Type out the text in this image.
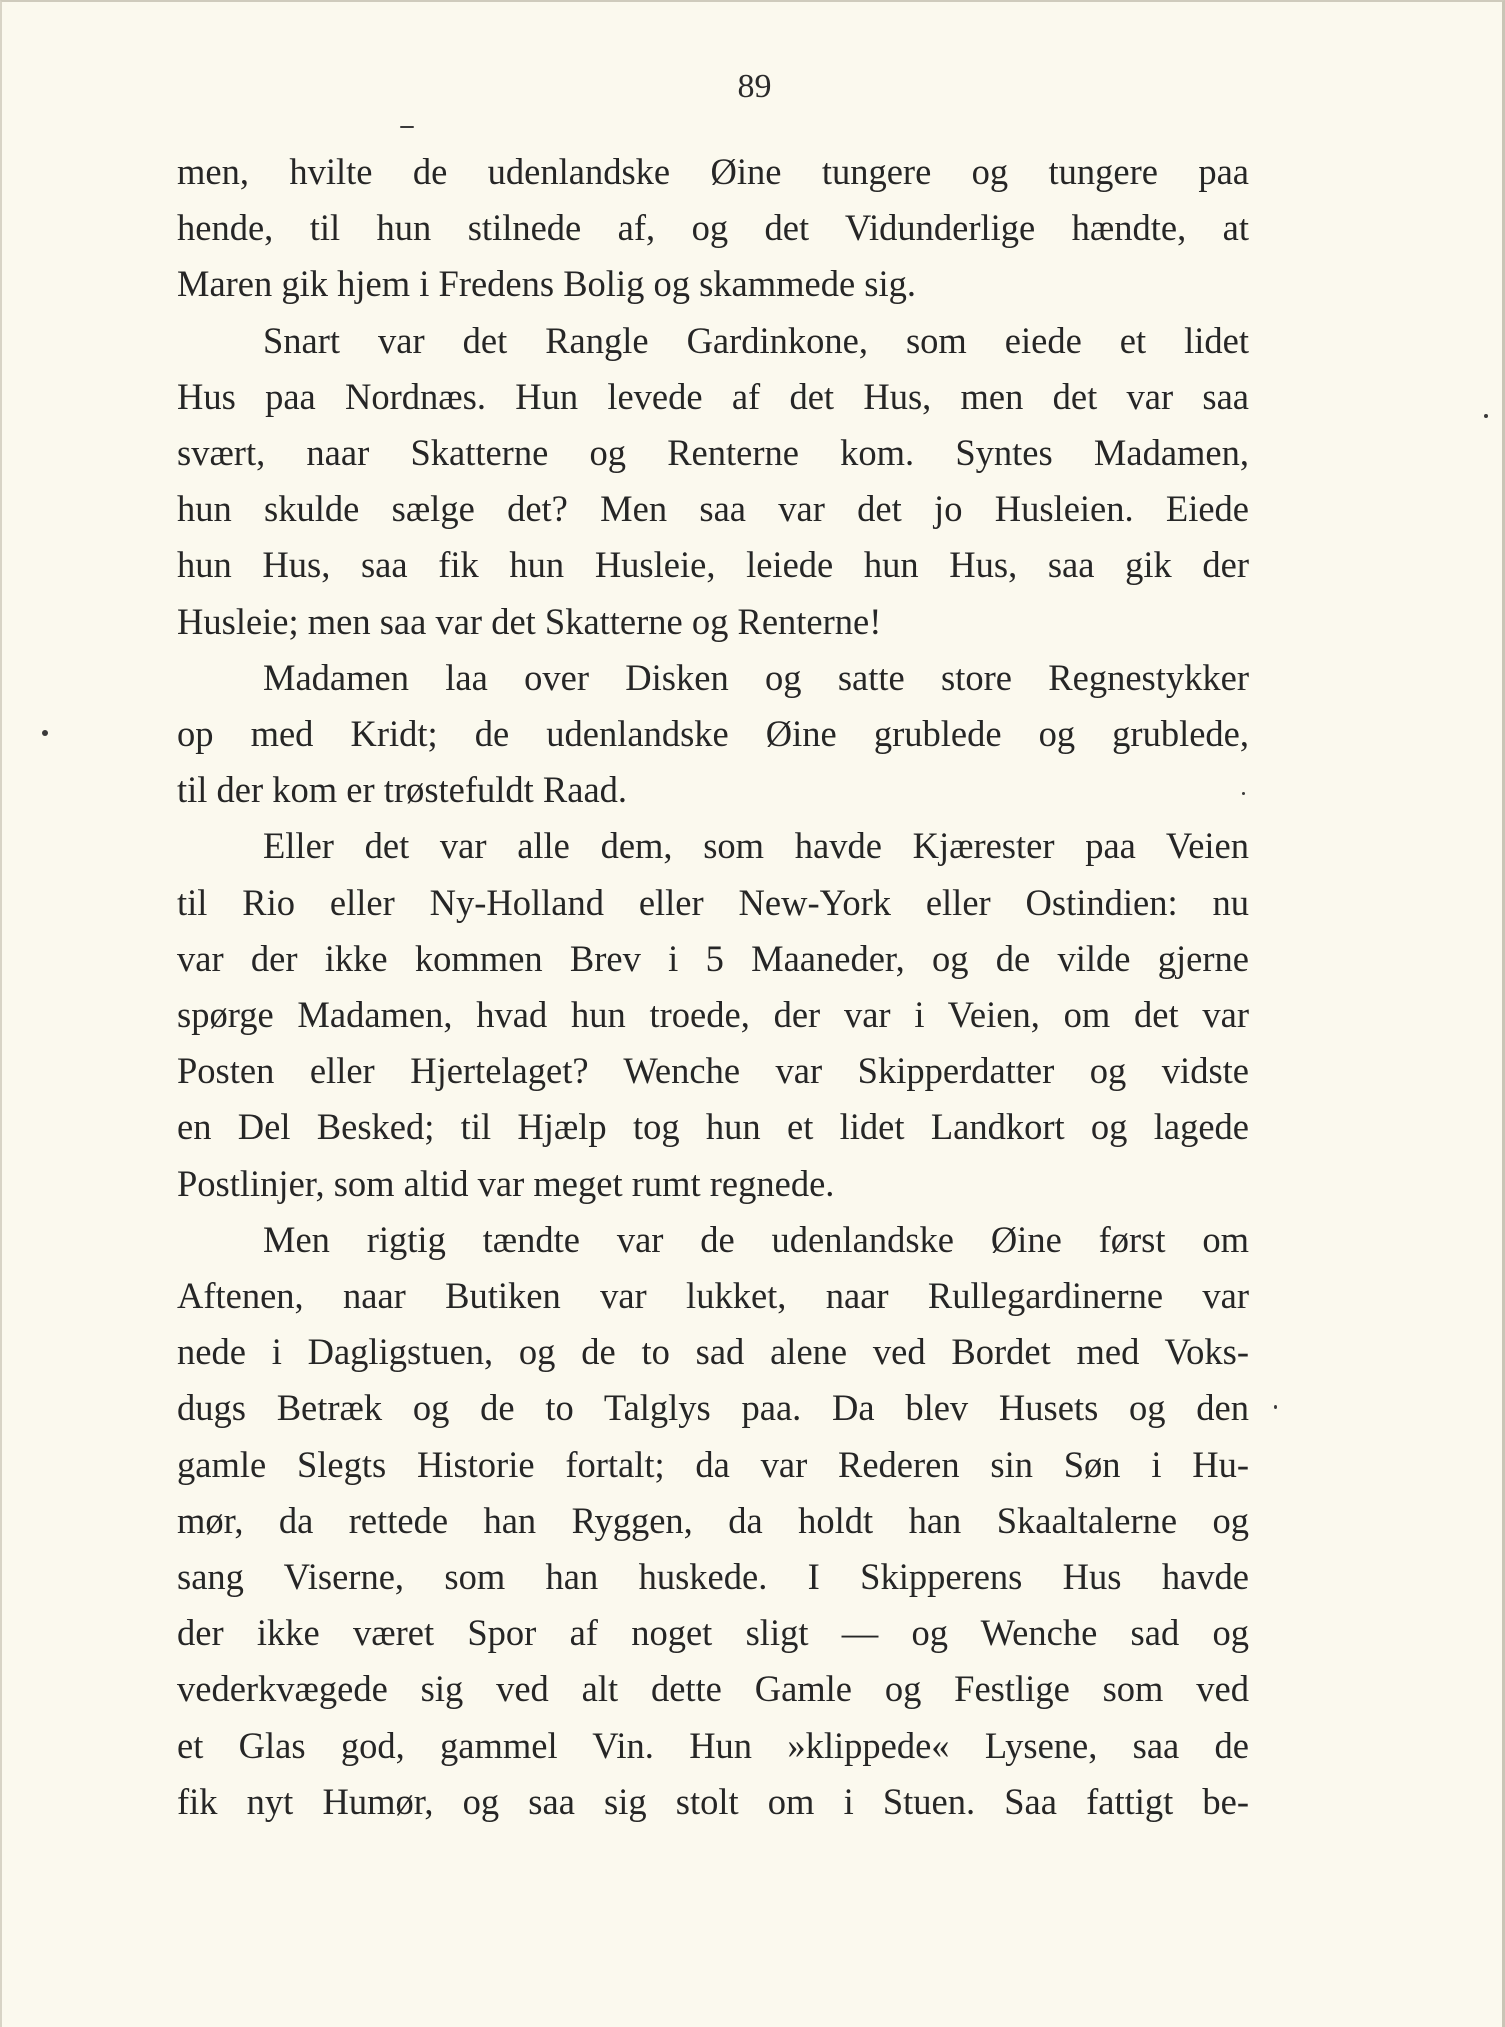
89
men, hvilte de udenlandske Øine tungere og tungere paa
hende, til hun stilnede af, og det Vidunderlige hændte, at
Maren gik hjem i Fredens Bolig og skammede sig.
Snart var det Rangle Gardinkone, som eiede et lidet
Hus paa Nordnæs. Hun levede af det Hus, men det var saa
svært, naar Skatterne og Renterne kom. Syntes Madamen,
hun skulde sælge det? Men saa var det jo Husleien. Eiede
hun Hus, saa fik hun Husleie, leiede hun Hus, saa gik der
Husleie; men saa var det Skatterne og Renterne!
Madamen laa over Disken og satte store Regnestykker
op med Kridt; de udenlandske Øine grublede og grublede,
til der kom er trøstefuldt Raad.
Eller det var alle dem, som havde Kjærester paa Veien
til Rio eller Ny-Holland eller New-York eller Ostindien: nu
var der ikke kommen Brev i 5 Maaneder, og de vilde gjerne
spørge Madamen, hvad hun troede, der var i Veien, om det var
Posten eller Hjertelaget? Wenche var Skipperdatter og vidste
en Del Besked; til Hjælp tog hun et lidet Landkort og lagede
Postlinjer, som altid var meget rumt regnede.
Men rigtig tændte var de udenlandske Øine først om
Aftenen, naar Butiken var lukket, naar Rullegardinerne var
nede i Dagligstuen, og de to sad alene ved Bordet med Voks-
dugs Betræk og de to Talglys paa. Da blev Husets og den
gamle Slegts Historie fortalt; da var Rederen sin Søn i Hu-
mør, da rettede han Ryggen, da holdt han Skaaltalerne og
sang Viserne, som han huskede. I Skipperens Hus havde
der ikke været Spor af noget sligt — og Wenche sad og
vederkvægede sig ved alt dette Gamle og Festlige som ved
et Glas god, gammel Vin. Hun »klippede« Lysene, saa de
fik nyt Humør, og saa sig stolt om i Stuen. Saa fattigt be-
